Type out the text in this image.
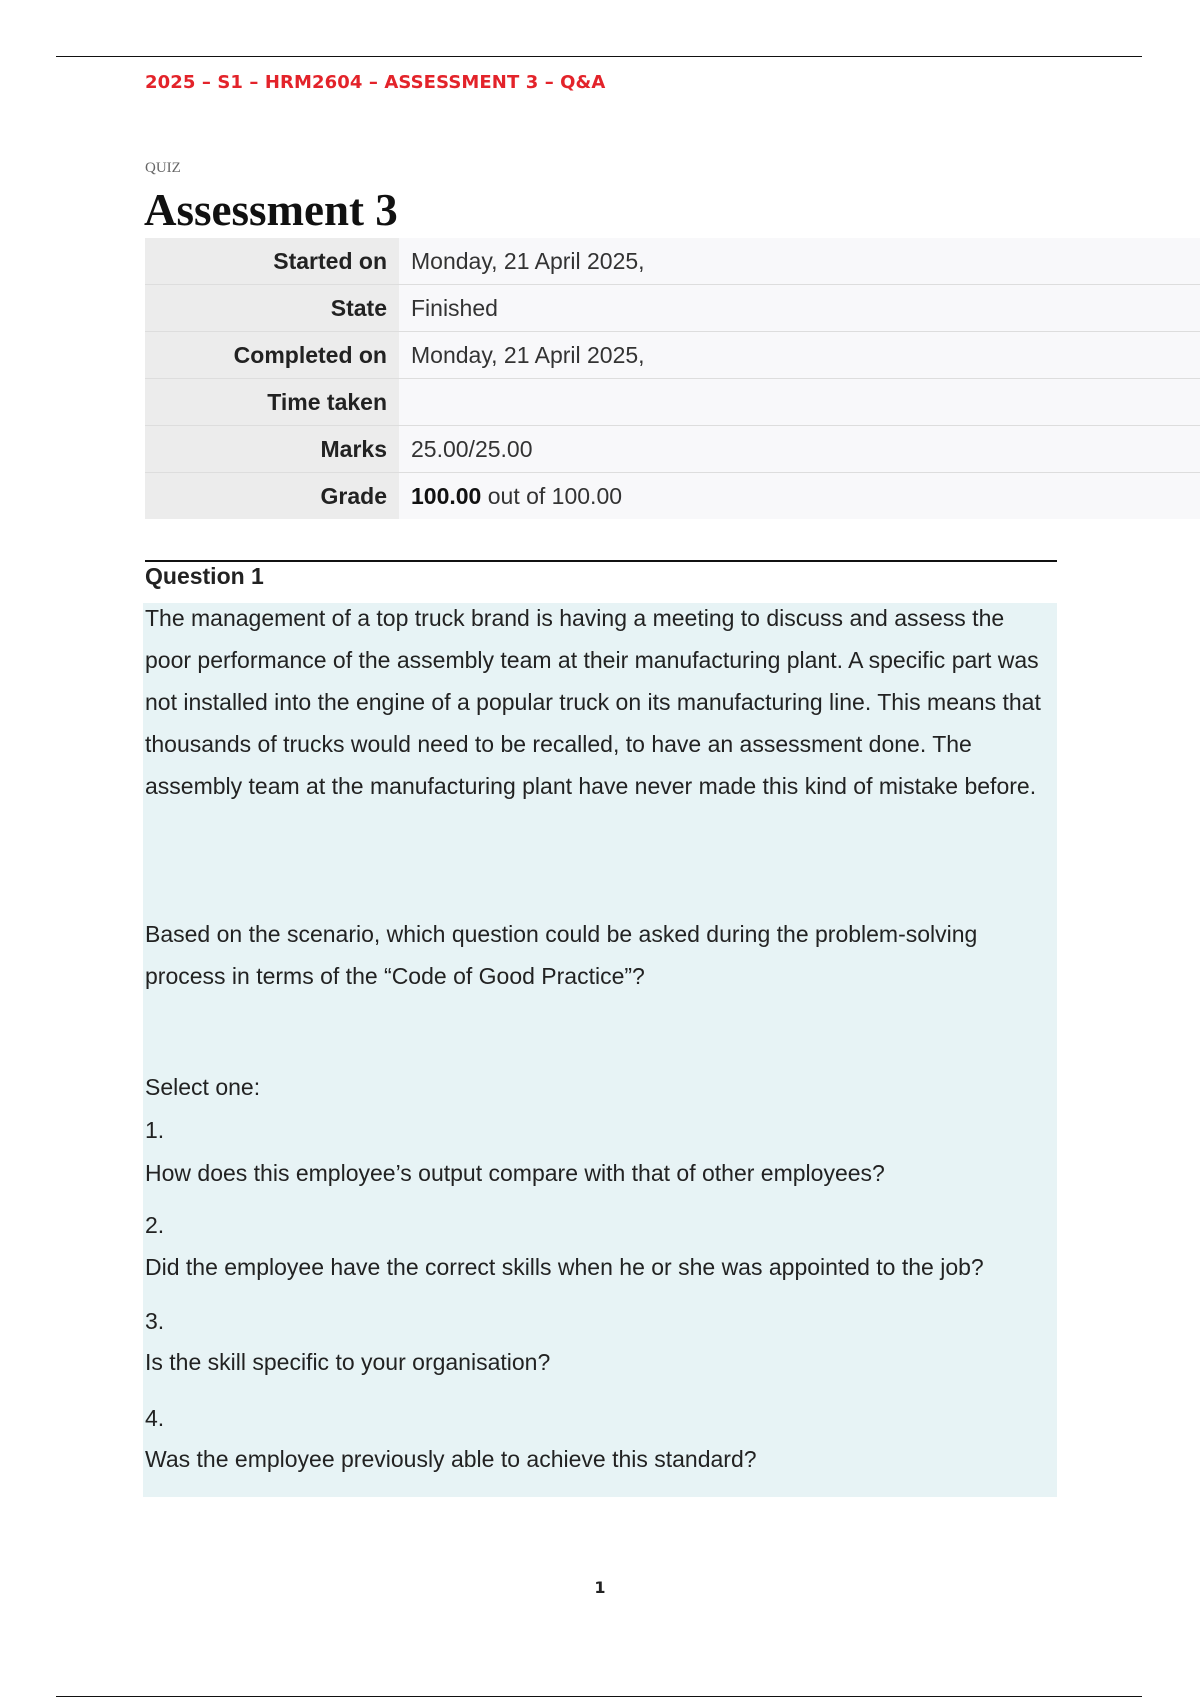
2025 – S1 – HRM2604 – ASSESSMENT 3 – Q&A
QUIZ
Assessment 3
Started on	Monday, 21 April 2025,
State	Finished
Completed on	Monday, 21 April 2025,
Time taken	
Marks	25.00/25.00
Grade	100.00 out of 100.00
Question 1

The management of a top truck brand is having a meeting to discuss and assess the poor performance of the assembly team at their manufacturing plant. A specific part was not installed into the engine of a popular truck on its manufacturing line. This means that thousands of trucks would need to be recalled, to have an assessment done. The assembly team at the manufacturing plant have never made this kind of mistake before.

Based on the scenario, which question could be asked during the problem-solving process in terms of the “Code of Good Practice”?

Select one:
1.
How does this employee’s output compare with that of other employees?
2.
Did the employee have the correct skills when he or she was appointed to the job?
3.
Is the skill specific to your organisation?
4.
Was the employee previously able to achieve this standard?
1
